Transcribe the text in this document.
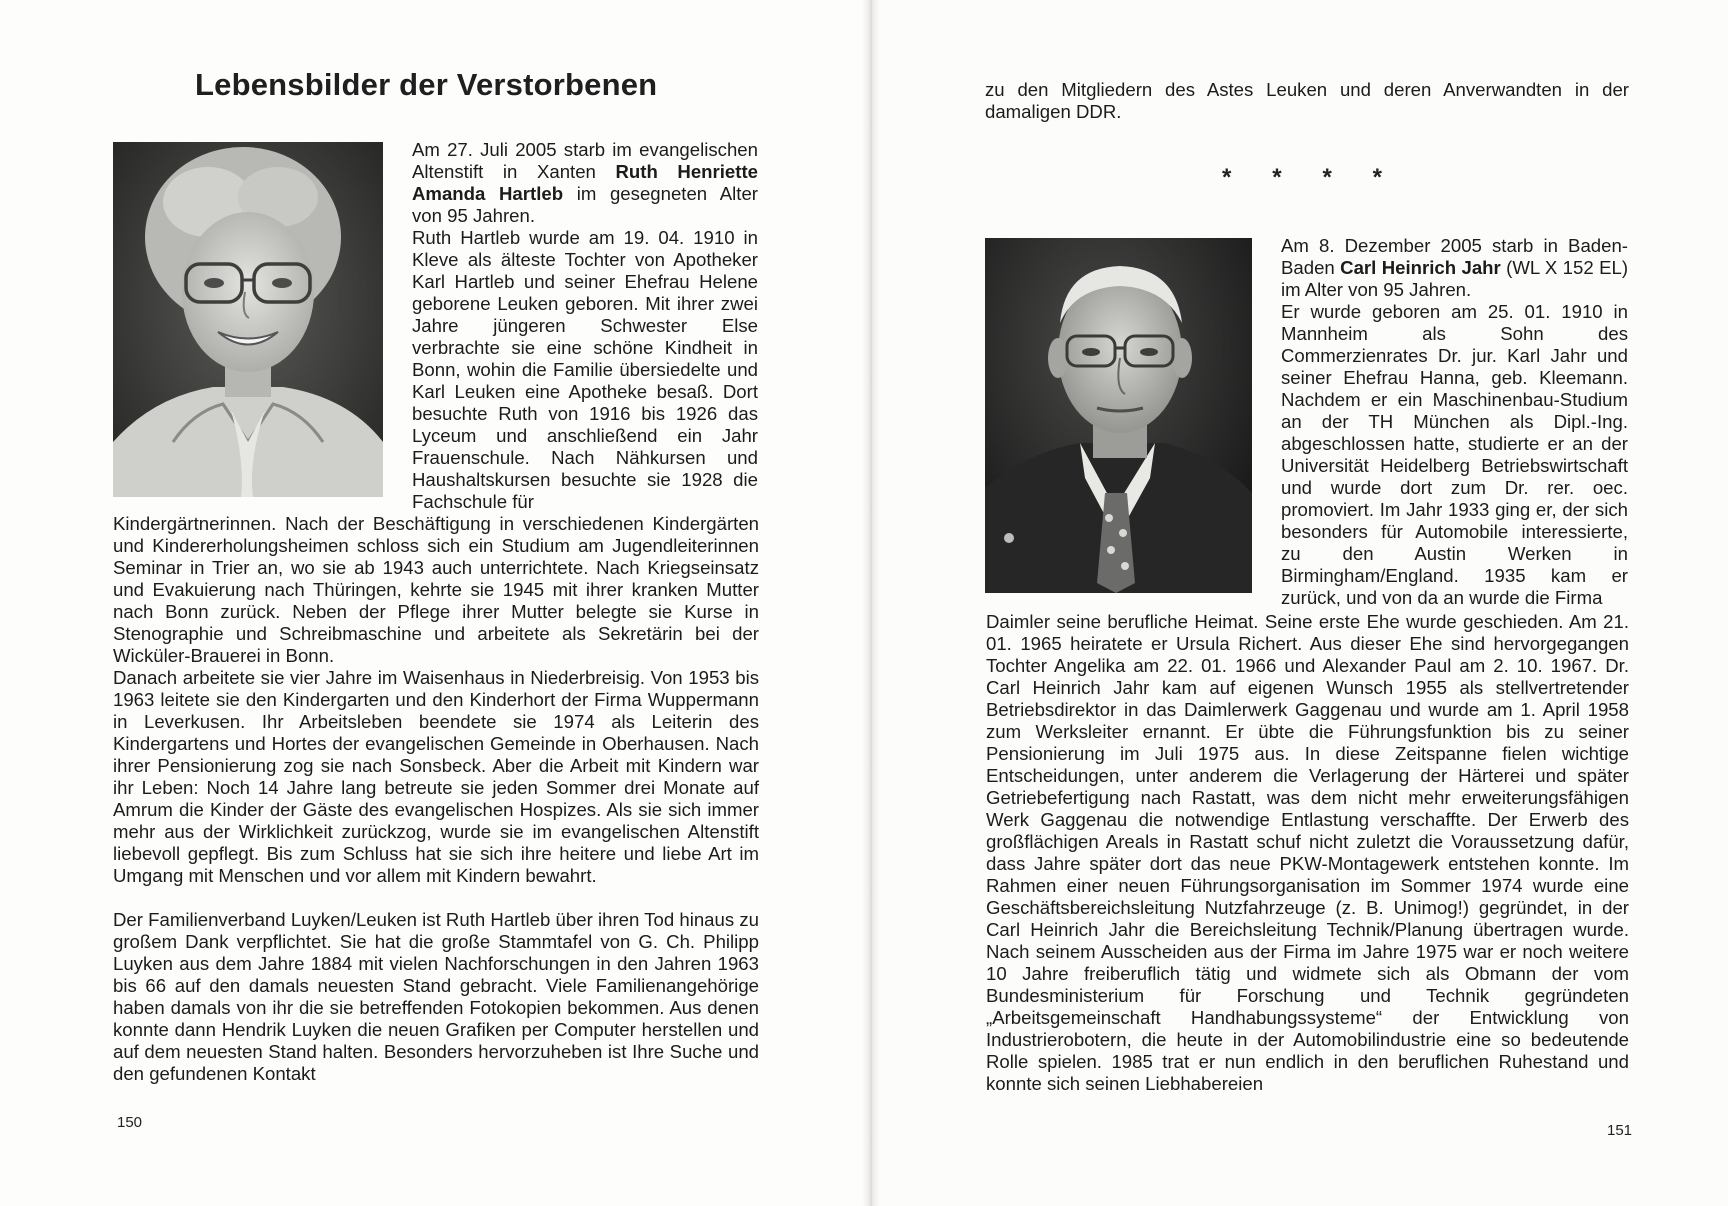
Lebensbilder der Verstorbenen
Am 27. Juli 2005 starb im evangelischen Altenstift in Xanten Ruth Henriette Amanda Hartleb im gesegneten Alter von 95 Jahren.

Ruth Hartleb wurde am 19. 04. 1910 in Kleve als älteste Tochter von Apotheker Karl Hartleb und seiner Ehefrau Helene geborene Leuken geboren. Mit ihrer zwei Jahre jüngeren Schwester Else verbrachte sie eine schöne Kindheit in Bonn, wohin die Familie übersiedelte und Karl Leuken eine Apotheke besaß. Dort besuchte Ruth von 1916 bis 1926 das Lyceum und anschließend ein Jahr Frauenschule. Nach Nähkursen und Haushaltskursen besuchte sie 1928 die Fachschule für

Kindergärtnerinnen. Nach der Beschäftigung in verschiedenen Kindergärten und Kindererholungsheimen schloss sich ein Studium am Jugendleiterinnen Seminar in Trier an, wo sie ab 1943 auch unterrichtete. Nach Kriegseinsatz und Evakuierung nach Thüringen, kehrte sie 1945 mit ihrer kranken Mutter nach Bonn zurück. Neben der Pflege ihrer Mutter belegte sie Kurse in Stenographie und Schreibmaschine und arbeitete als Sekretärin bei der Wicküler-Brauerei in Bonn.

Danach arbeitete sie vier Jahre im Waisenhaus in Niederbreisig. Von 1953 bis 1963 leitete sie den Kindergarten und den Kinderhort der Firma Wuppermann in Leverkusen. Ihr Arbeitsleben beendete sie 1974 als Leiterin des Kindergartens und Hortes der evangelischen Gemeinde in Oberhausen. Nach ihrer Pensionierung zog sie nach Sonsbeck. Aber die Arbeit mit Kindern war ihr Leben: Noch 14 Jahre lang betreute sie jeden Sommer drei Monate auf Amrum die Kinder der Gäste des evangelischen Hospizes. Als sie sich immer mehr aus der Wirklichkeit zurückzog, wurde sie im evangelischen Altenstift liebevoll gepflegt. Bis zum Schluss hat sie sich ihre heitere und liebe Art im Umgang mit Menschen und vor allem mit Kindern bewahrt.

Der Familienverband Luyken/Leuken ist Ruth Hartleb über ihren Tod hinaus zu großem Dank verpflichtet. Sie hat die große Stammtafel von G. Ch. Philipp Luyken aus dem Jahre 1884 mit vielen Nachforschungen in den Jahren 1963 bis 66 auf den damals neuesten Stand gebracht. Viele Familienangehörige haben damals von ihr die sie betreffenden Fotokopien bekommen. Aus denen konnte dann Hendrik Luyken die neuen Grafiken per Computer herstellen und auf dem neuesten Stand halten. Besonders hervorzuheben ist Ihre Suche und den gefundenen Kontakt

150

zu den Mitgliedern des Astes Leuken und deren Anverwandten in der damaligen DDR.

* * * *
Am 8. Dezember 2005 starb in Baden-Baden Carl Heinrich Jahr (WL X 152 EL) im Alter von 95 Jahren.

Er wurde geboren am 25. 01. 1910 in Mannheim als Sohn des Commerzienrates Dr. jur. Karl Jahr und seiner Ehefrau Hanna, geb. Kleemann. Nachdem er ein Maschinenbau-Studium an der TH München als Dipl.-Ing. abgeschlossen hatte, studierte er an der Universität Heidelberg Betriebswirtschaft und wurde dort zum Dr. rer. oec. promoviert. Im Jahr 1933 ging er, der sich besonders für Automobile interessierte, zu den Austin Werken in Birmingham/England. 1935 kam er zurück, und von da an wurde die Firma

Daimler seine berufliche Heimat. Seine erste Ehe wurde geschieden. Am 21. 01. 1965 heiratete er Ursula Richert. Aus dieser Ehe sind hervorgegangen Tochter Angelika am 22. 01. 1966 und Alexander Paul am 2. 10. 1967. Dr. Carl Heinrich Jahr kam auf eigenen Wunsch 1955 als stellvertretender Betriebsdirektor in das Daimlerwerk Gaggenau und wurde am 1. April 1958 zum Werksleiter ernannt. Er übte die Führungsfunktion bis zu seiner Pensionierung im Juli 1975 aus. In diese Zeitspanne fielen wichtige Entscheidungen, unter anderem die Verlagerung der Härterei und später Getriebefertigung nach Rastatt, was dem nicht mehr erweiterungsfähigen Werk Gaggenau die notwendige Entlastung verschaffte. Der Erwerb des großflächigen Areals in Rastatt schuf nicht zuletzt die Voraussetzung dafür, dass Jahre später dort das neue PKW-Montagewerk entstehen konnte. Im Rahmen einer neuen Führungsorganisation im Sommer 1974 wurde eine Geschäftsbereichsleitung Nutzfahrzeuge (z. B. Unimog!) gegründet, in der Carl Heinrich Jahr die Bereichsleitung Technik/Planung übertragen wurde. Nach seinem Ausscheiden aus der Firma im Jahre 1975 war er noch weitere 10 Jahre freiberuflich tätig und widmete sich als Obmann der vom Bundesministerium für Forschung und Technik gegründeten „Arbeitsgemeinschaft Handhabungssysteme“ der Entwicklung von Industrierobotern, die heute in der Automobilindustrie eine so bedeutende Rolle spielen. 1985 trat er nun endlich in den beruflichen Ruhestand und konnte sich seinen Liebhabereien

151
